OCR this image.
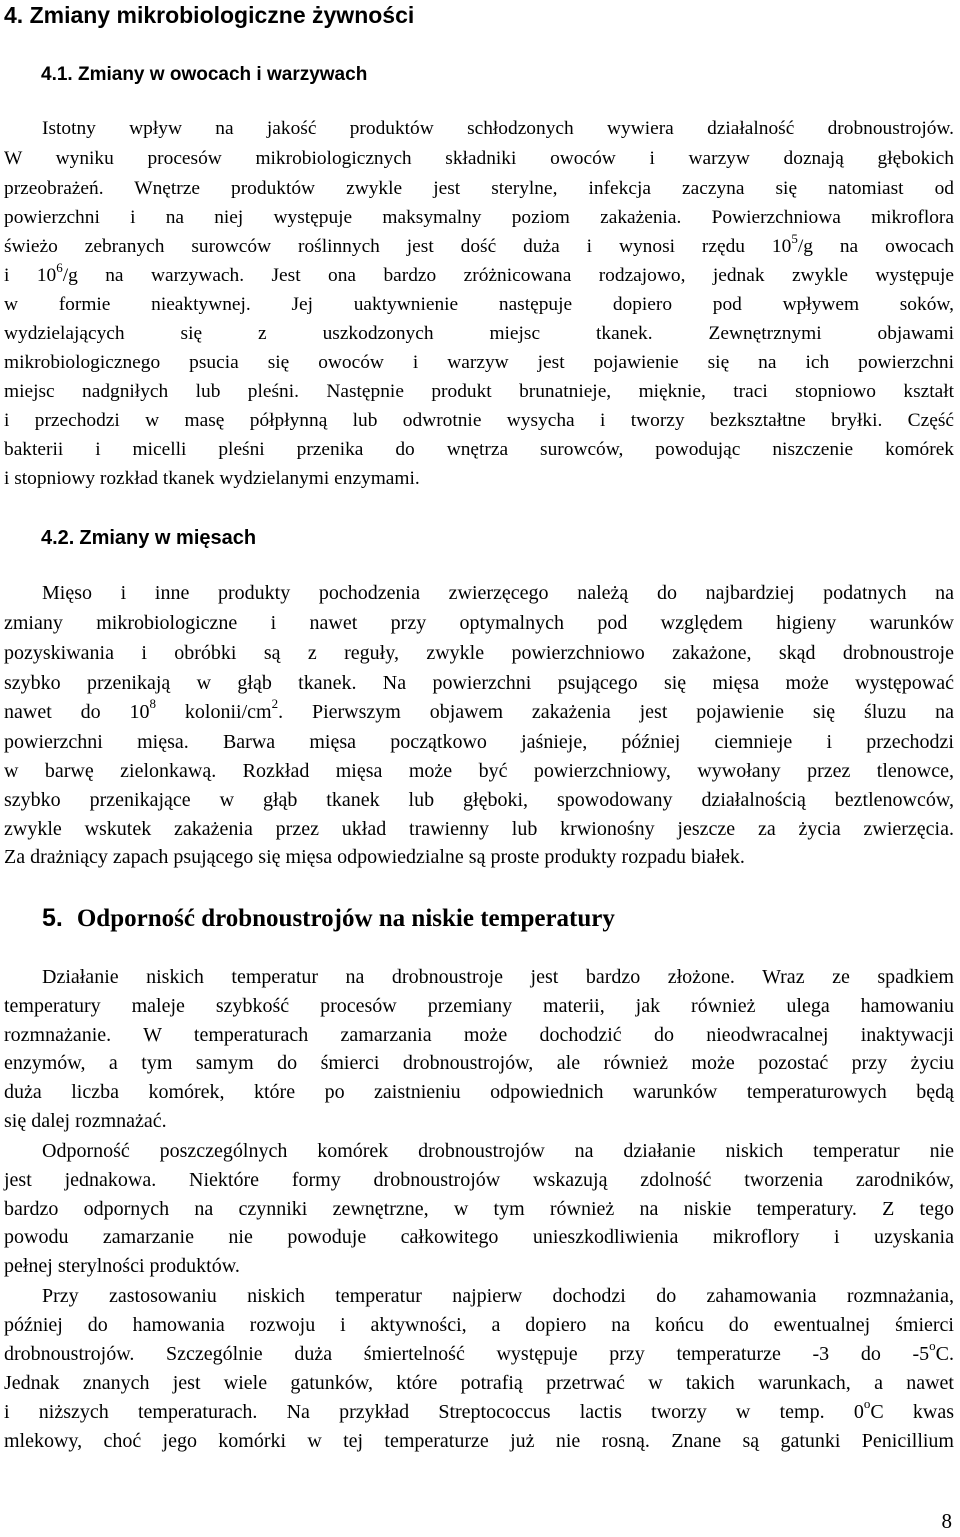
4. Zmiany mikrobiologiczne żywności
4.1. Zmiany w owocach i warzywach
Istotny wpływ na jakość produktów schłodzonych wywiera działalność drobnoustrojów.
W wyniku procesów mikrobiologicznych składniki owoców i warzyw doznają głębokich
przeobrażeń. Wnętrze produktów zwykle jest sterylne, infekcja zaczyna się natomiast od
powierzchni i na niej występuje maksymalny poziom zakażenia. Powierzchniowa mikroflora
świeżo zebranych surowców roślinnych jest dość duża i wynosi rzędu $10^5/g$ na owocach
i $10^6/g$ na warzywach. Jest ona bardzo zróżnicowana rodzajowo, jednak zwykle występuje
w formie nieaktywnej. Jej uaktywnienie następuje dopiero pod wpływem soków,
wydzielających się z uszkodzonych miejsc tkanek. Zewnętrznymi objawami
mikrobiologicznego psucia się owoców i warzyw jest pojawienie się na ich powierzchni
miejsc nadgniłych lub pleśni. Następnie produkt brunatnieje, mięknie, traci stopniowo kształt
i przechodzi w masę półpłynną lub odwrotnie wysycha i tworzy bezkształtne bryłki. Część
bakterii i micelli pleśni przenika do wnętrza surowców, powodując niszczenie komórek
i stopniowy rozkład tkanek wydzielanymi enzymami.
4.2. Zmiany w mięsach
Mięso i inne produkty pochodzenia zwierzęcego należą do najbardziej podatnych na
zmiany mikrobiologiczne i nawet przy optymalnych pod względem higieny warunków
pozyskiwania i obróbki są z reguły, zwykle powierzchniowo zakażone, skąd drobnoustroje
szybko przenikają w głąb tkanek. Na powierzchni psującego się mięsa może występować
nawet do $10^8$ kolonii/$cm^2$. Pierwszym objawem zakażenia jest pojawienie się śluzu na
powierzchni mięsa. Barwa mięsa początkowo jaśnieje, później ciemnieje i przechodzi
w barwę zielonkawą. Rozkład mięsa może być powierzchniowy, wywołany przez tlenowce,
szybko przenikające w głąb tkanek lub głęboki, spowodowany działalnością beztlenowców,
zwykle wskutek zakażenia przez układ trawienny lub krwionośny jeszcze za życia zwierzęcia.
Za drażniący zapach psującego się mięsa odpowiedzialne są proste produkty rozpadu białek.
5. Odporność drobnoustrojów na niskie temperatury
Działanie niskich temperatur na drobnoustroje jest bardzo złożone. Wraz ze spadkiem
temperatury maleje szybkość procesów przemiany materii, jak również ulega hamowaniu
rozmnażanie. W temperaturach zamarzania może dochodzić do nieodwracalnej inaktywacji
enzymów, a tym samym do śmierci drobnoustrojów, ale również może pozostać przy życiu
duża liczba komórek, które po zaistnieniu odpowiednich warunków temperaturowych będą
się dalej rozmnażać.
Odporność poszczególnych komórek drobnoustrojów na działanie niskich temperatur nie
jest jednakowa. Niektóre formy drobnoustrojów wskazują zdolność tworzenia zarodników,
bardzo odpornych na czynniki zewnętrzne, w tym również na niskie temperatury. Z tego
powodu zamarzanie nie powoduje całkowitego unieszkodliwienia mikroflory i uzyskania
pełnej sterylności produktów.
Przy zastosowaniu niskich temperatur najpierw dochodzi do zahamowania rozmnażania,
później do hamowania rozwoju i aktywności, a dopiero na końcu do ewentualnej śmierci
drobnoustrojów. Szczególnie duża śmiertelność występuje przy temperaturze -3 do -5$^o$C.
Jednak znanych jest wiele gatunków, które potrafią przetrwać w takich warunkach, a nawet
i niższych temperaturach. Na przykład Streptococcus lactis tworzy w temp. 0$^o$C kwas
mlekowy, choć jego komórki w tej temperaturze już nie rosną. Znane są gatunki Penicillium
8
